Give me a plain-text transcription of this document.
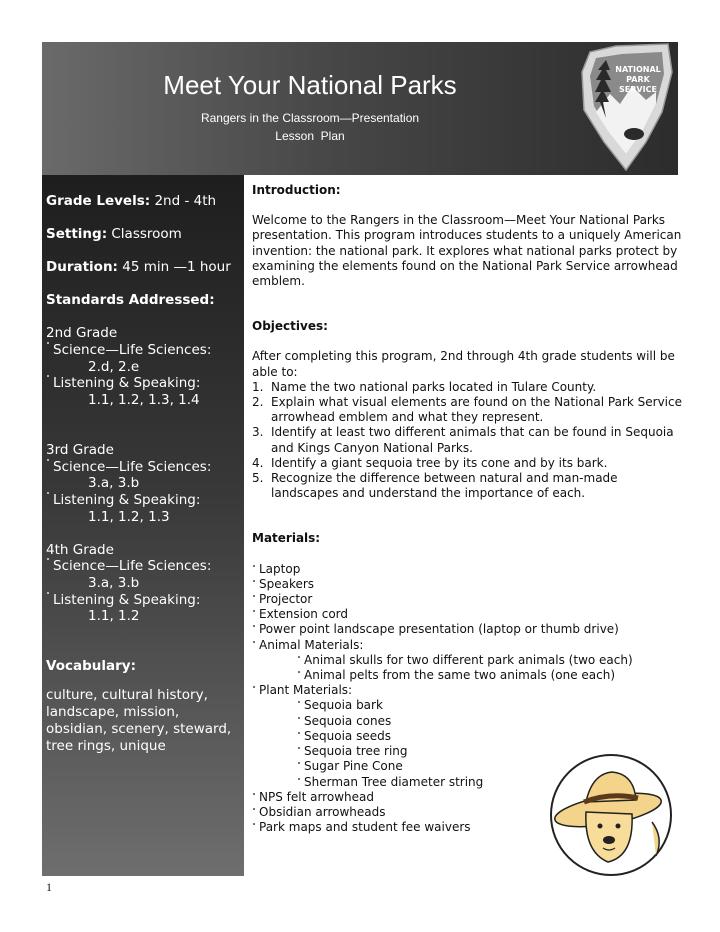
Meet Your National Parks
Rangers in the Classroom—Presentation
Lesson  Plan
NATIONAL
PARK
SERVICE
Grade Levels: 2nd - 4th
Setting: Classroom
Duration: 45 min —1 hour
Standards Addressed:
2nd Grade
˚ Science—Life Sciences:
2.d, 2.e
˚ Listening & Speaking:
1.1, 1.2, 1.3, 1.4
3rd Grade
˚ Science—Life Sciences:
3.a, 3.b
˚ Listening & Speaking:
1.1, 1.2, 1.3
4th Grade
˚ Science—Life Sciences:
3.a, 3.b
˚ Listening & Speaking:
1.1, 1.2
Vocabulary:
culture, cultural history, landscape, mission, obsidian, scenery, steward, tree rings, unique

Introduction:

Welcome to the Rangers in the Classroom—Meet Your National Parks presentation. This program introduces students to a uniquely American invention: the national park. It explores what national parks protect by examining the elements found on the National Park Service arrowhead emblem.

Objectives:

After completing this program, 2nd through 4th grade students will be able to:

1. Name the two national parks located in Tulare County.
2. Explain what visual elements are found on the National Park Service arrowhead emblem and what they represent.
3. Identify at least two different animals that can be found in Sequoia and Kings Canyon National Parks.
4. Identify a giant sequoia tree by its cone and by its bark.
5. Recognize the difference between natural and man-made landscapes and understand the importance of each.

Materials:

˚ Laptop
˚ Speakers
˚ Projector
˚ Extension cord
˚ Power point landscape presentation (laptop or thumb drive)
˚ Animal Materials:
˚ Animal skulls for two different park animals (two each)
˚ Animal pelts from the same two animals (one each)
˚ Plant Materials:
˚ Sequoia bark
˚ Sequoia cones
˚ Sequoia seeds
˚ Sequoia tree ring
˚ Sugar Pine Cone
˚ Sherman Tree diameter string
˚ NPS felt arrowhead
˚ Obsidian arrowheads
˚ Park maps and student fee waivers
1
